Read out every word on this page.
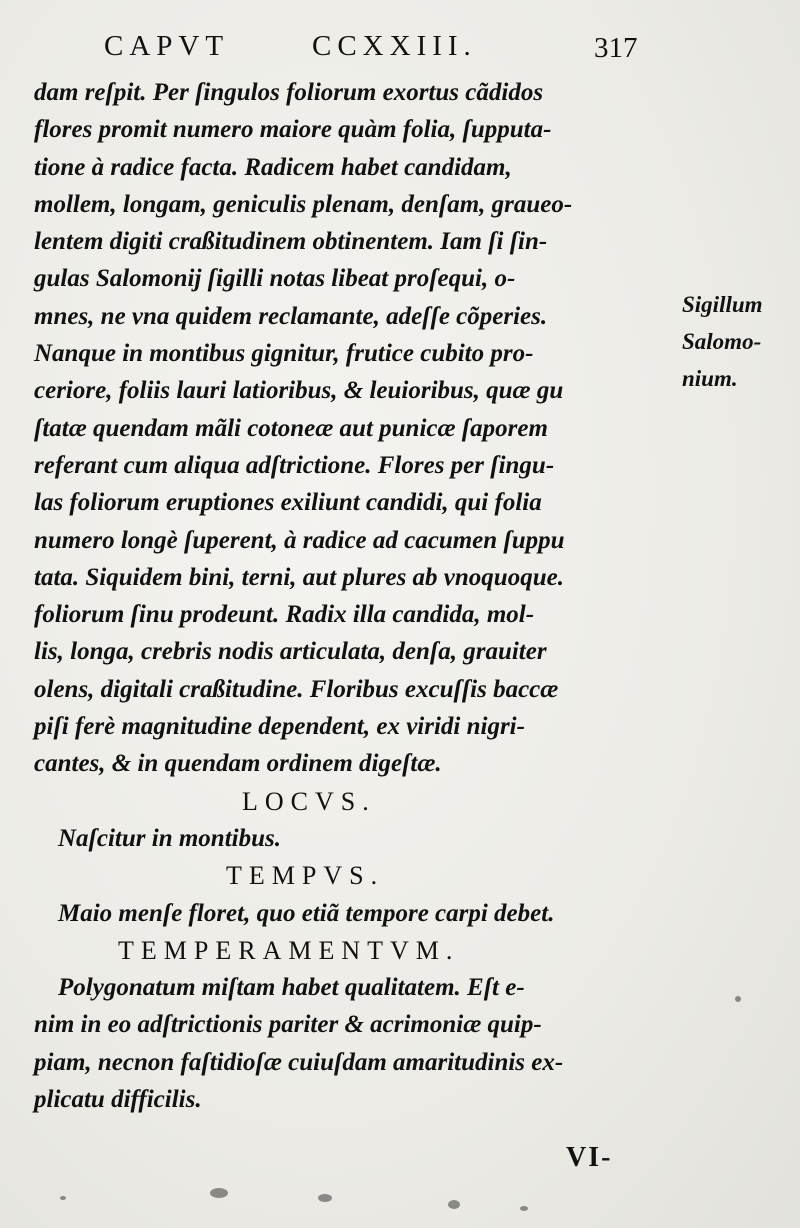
CAPVT	CCXXIII.	317
dam reſpit. Per ſingulos foliorum exortus cãdidos
flores promit numero maiore quàm folia, ſupputa-
tione à radice facta. Radicem habet candidam,
mollem, longam, geniculis plenam, denſam, graueo-
lentem digiti craßitudinem obtinentem. Iam ſi ſin-
gulas Salomonij ſigilli notas libeat proſequi, o-
mnes, ne vna quidem reclamante, adeſſe cõperies.
Nanque in montibus gignitur, frutice cubito pro-
ceriore, foliis lauri latioribus, & leuioribus, quæ gu
ſtatæ quendam mãli cotoneæ aut punicæ ſaporem
referant cum aliqua adſtrictione. Flores per ſingu-
las foliorum eruptiones exiliunt candidi, qui folia
numero longè ſuperent, à radice ad cacumen ſuppu
tata. Siquidem bini, terni, aut plures ab vnoquoque.
foliorum ſinu prodeunt. Radix illa candida, mol-
lis, longa, crebris nodis articulata, denſa, grauiter
olens, digitali craßitudine. Floribus excuſſis baccæ
piſi ferè magnitudine dependent, ex viridi nigri-
cantes, & in quendam ordinem digeſtæ.
LOCVS.
Naſcitur in montibus.
TEMPVS.
Maio menſe floret, quo etiã tempore carpi debet.
TEMPERAMENTVM.
Polygonatum miſtam habet qualitatem. Eſt e-
nim in eo adſtrictionis pariter & acrimoniæ quip-
piam, necnon faſtidioſæ cuiuſdam amaritudinis ex-
plicatu difficilis.
Sigillum
Salomo-
nium.
VI-
